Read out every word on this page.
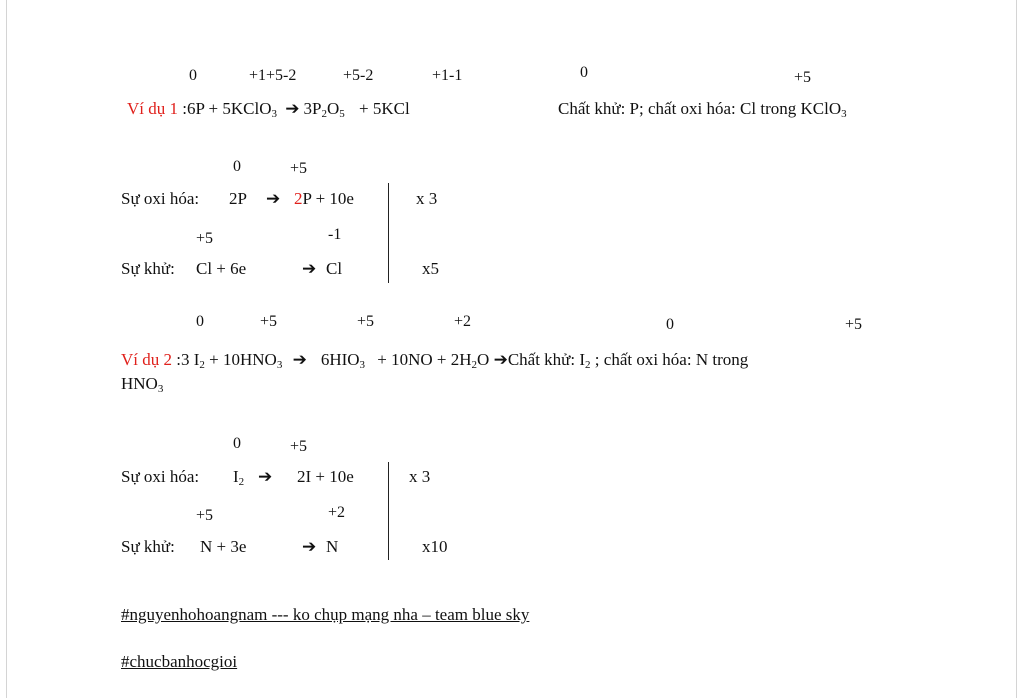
0	+1+5-2	+5-2	+1-1	0	+5
Ví dụ 1 :6P + 5KClO$_3$ ➔ $3P_2O_5 + 5KCl$	Chất khử: P; chất oxi hóa: Cl trong KClO$_3$
0	+5
Sự oxi hóa: 2P ➔ 2P + 10e	x 3
+5	-1
Sự khử: Cl + 6e	➔ Cl	x5
0	+5	+5	+2	0	+5
Ví dụ 2 :3 $I_2 + 10HNO_3$ ➔ $6HIO_3 + 10NO + 2H_2O$ ➔Chất khử: $I_2$ ; chất oxi hóa: N trong
$HNO_3$
0	+5
Sự oxi hóa: $I_2$ ➔ 2I + 10e	x 3
+5	+2
Sự khử: N + 3e	➔ N	x10
#nguyenhohoangnam --- ko chụp mạng nha – team blue sky
#chucbanhocgioi
